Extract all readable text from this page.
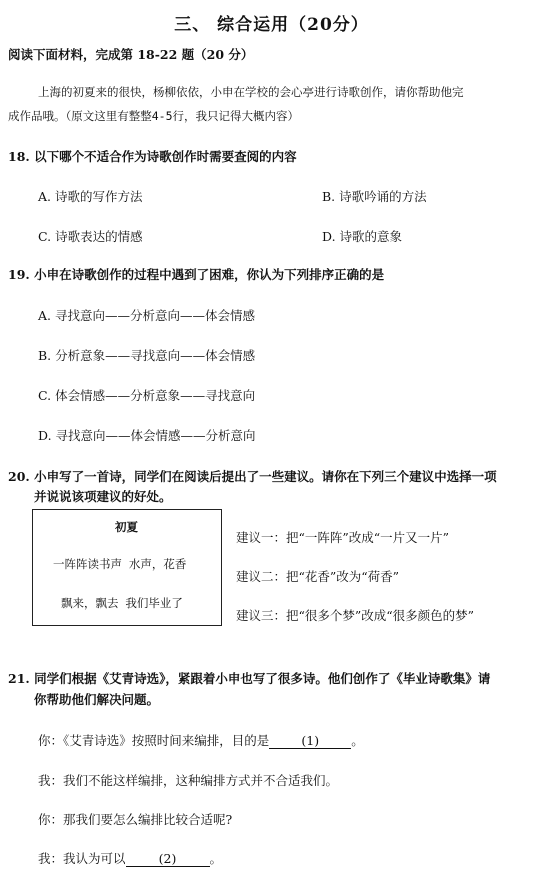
三、 综合运用（20分）
阅读下面材料，完成第 18-22 题（20 分）
上海的初夏来的很快，杨柳依依，小申在学校的会心亭进行诗歌创作，请你帮助他完
成作品哦。（原文这里有整整4-5行，我只记得大概内容）
18. 以下哪个不适合作为诗歌创作时需要查阅的内容
A. 诗歌的写作方法	B. 诗歌吟诵的方法
C. 诗歌表达的情感	D. 诗歌的意象
19. 小申在诗歌创作的过程中遇到了困难，你认为下列排序正确的是
A. 寻找意向——分析意向——体会情感
B. 分析意象——寻找意向——体会情感
C. 体会情感——分析意象——寻找意向
D. 寻找意向——体会情感——分析意向
20. 小申写了一首诗，同学们在阅读后提出了一些建议。请你在下列三个建议中选择一项
并说说该项建议的好处。
初夏
一阵阵读书声 水声，花香
飘来，飘去 我们毕业了
建议一：把“一阵阵”改成“一片又一片”
建议二：把“花香”改为“荷香”
建议三：把“很多个梦”改成“很多颜色的梦”
21. 同学们根据《艾青诗选》，紧跟着小申也写了很多诗。他们创作了《毕业诗歌集》请
你帮助他们解决问题。
你：《艾青诗选》按照时间来编排，目的是	(1)	。
我：我们不能这样编排，这种编排方式并不合适我们。
你：那我们要怎么编排比较合适呢?
我：我认为可以	(2)	。
